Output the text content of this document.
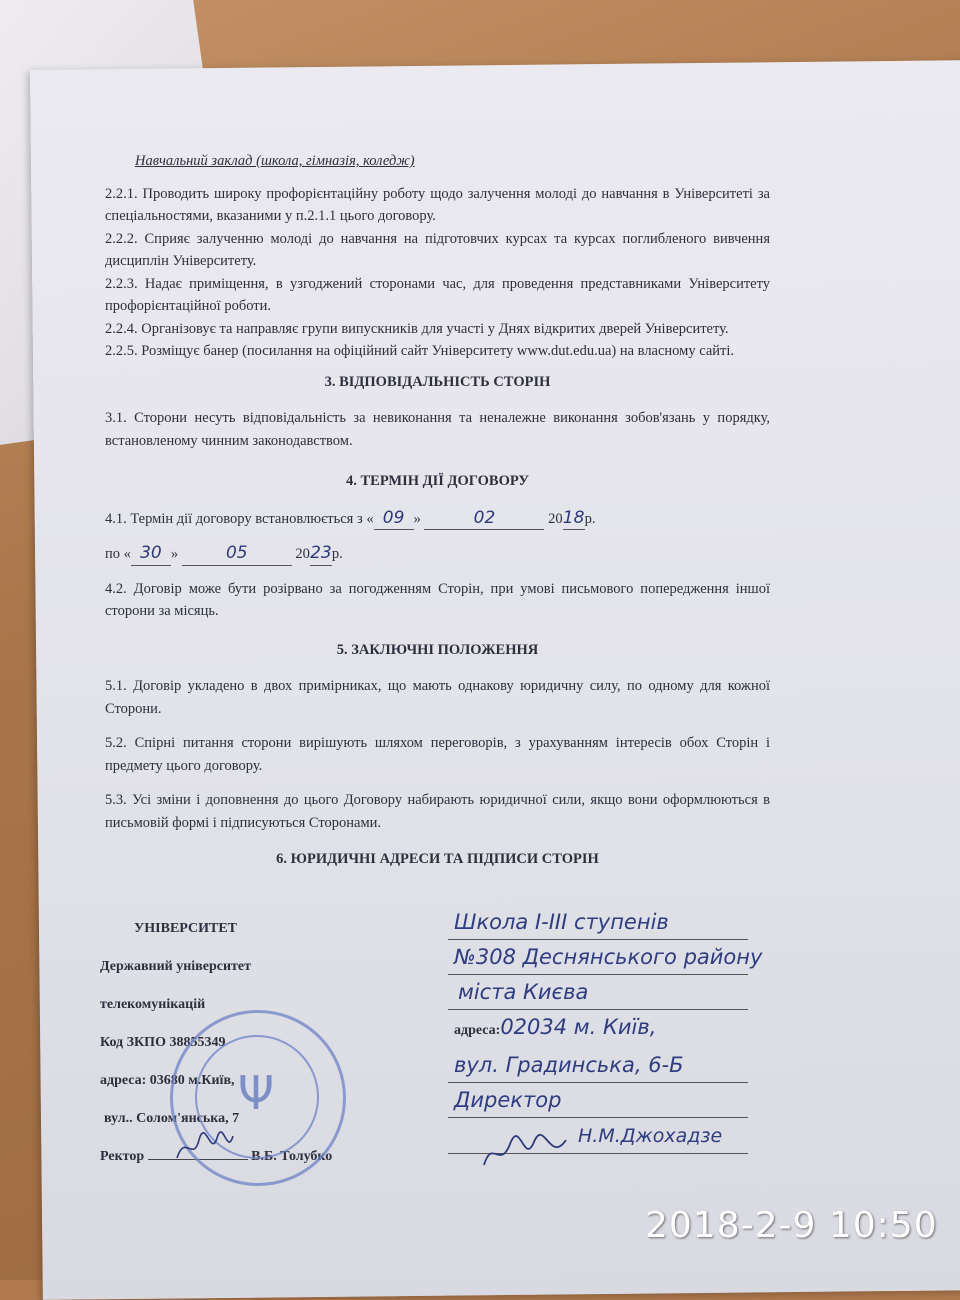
Навчальний заклад (школа, гімназія, коледж)

2.2.1. Проводить широку профорієнтаційну роботу щодо залучення молоді до навчання в Університеті за спеціальностями, вказаними у п.2.1.1 цього договору.

2.2.2. Сприяє залученню молоді до навчання на підготовчих курсах та курсах поглибленого вивчення дисциплін Університету.

2.2.3. Надає приміщення, в узгоджений сторонами час, для проведення представниками Університету профорієнтаційної роботи.

2.2.4. Організовує та направляє групи випускників для участі у Днях відкритих дверей Університету.

2.2.5. Розміщує банер (посилання на офіційний сайт Університету www.dut.edu.ua) на власному сайті.

3. ВІДПОВІДАЛЬНІСТЬ СТОРІН

3.1. Сторони несуть відповідальність за невиконання та неналежне виконання зобов'язань у порядку, встановленому чинним законодавством.

4. ТЕРМІН ДІЇ ДОГОВОРУ

4.1. Термін дії договору встановлюється з « 09 »	02	2018р.

по « 30 »	05	2023р.

4.2. Договір може бути розірвано за погодженням Сторін, при умові письмового попередження іншої сторони за місяць.

5. ЗАКЛЮЧНІ ПОЛОЖЕННЯ

5.1. Договір укладено в двох примірниках, що мають однакову юридичну силу, по одному для кожної Сторони.

5.2. Спірні питання сторони вирішують шляхом переговорів, з урахуванням інтересів обох Сторін і предмету цього договору.

5.3. Усі зміни і доповнення до цього Договору набирають юридичної сили, якщо вони оформлюються в письмовій формі і підписуються Сторонами.

6. ЮРИДИЧНІ АДРЕСИ ТА ПІДПИСИ СТОРІН

УНІВЕРСИТЕТ
Державний університет
телекомунікацій
Код ЗКПО 38855349
адреса: 03680 м.Київ,
вул.. Солом'янська, 7
Ректор	В.Б. Толубко
Ψ
Школа I-III ступенів
№308 Деснянського району
міста Києва
адреса:02034 м. Київ,
вул. Градинська, 6-Б
Директор
Н.М.Джохадзе
2018-2-9 10:50
